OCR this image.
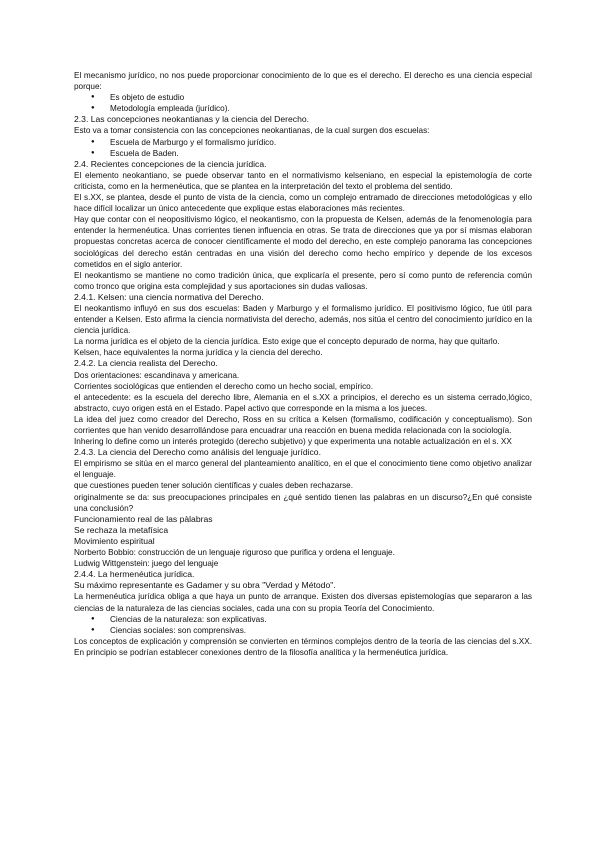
El mecanismo jurídico, no nos puede proporcionar conocimiento de lo que es el derecho. El derecho es una ciencia especial porque:

● Es objeto de estudio
● Metodología empleada (jurídico).

2.3. Las concepciones neokantianas y la ciencia del Derecho.

Esto va a tomar consistencia con las concepciones neokantianas, de la cual surgen dos escuelas:

● Escuela de Marburgo y el formalismo jurídico.
● Escuela de Baden.

2.4. Recientes concepciones de la ciencia jurídica.

El elemento neokantiano, se puede observar tanto en el normativismo kelseniano, en especial la epistemología de corte criticista, como en la hermenéutica, que se plantea en la interpretación del texto el problema del sentido.

El s.XX, se plantea, desde el punto de vista de la ciencia, como un complejo entramado de direcciones metodológicas y ello hace difícil localizar un único antecedente que explique estas elaboraciones más recientes.

Hay que contar con el neopositivismo lógico, el neokantismo, con la propuesta de Kelsen, además de la fenomenología para entender la hermenéutica. Unas corrientes tienen influencia en otras. Se trata de direcciones que ya por sí mismas elaboran propuestas concretas acerca de conocer científicamente el modo del derecho, en este complejo panorama las concepciones sociológicas del derecho están centradas en una visión del derecho como hecho empírico y depende de los excesos cometidos en el siglo anterior.

El neokantismo se mantiene no como tradición única, que explicaría el presente, pero sí como punto de referencia común como tronco que origina esta complejidad y sus aportaciones sin dudas valiosas.

2.4.1. Kelsen: una ciencia normativa del Derecho.

El neokantismo influyó en sus dos escuelas: Baden y Marburgo y el formalismo jurídico. El positivismo lógico, fue útil para entender a Kelsen. Esto afirma la ciencia normativista del derecho, además, nos sitúa el centro del conocimiento jurídico en la ciencia jurídica.

La norma jurídica es el objeto de la ciencia jurídica. Esto exige que el concepto depurado de norma, hay que quitarlo.

Kelsen, hace equivalentes la norma jurídica y la ciencia del derecho.

2.4.2. La ciencia realista del Derecho.

Dos orientaciones: escandinava y americana.

Corrientes sociológicas que entienden el derecho como un hecho social, empírico.

el antecedente: es la escuela del derecho libre, Alemania en el s.XX a principios, el derecho es un sistema cerrado,lógico, abstracto, cuyo origen está en el Estado. Papel activo que corresponde en la misma a los jueces.

La idea del juez como creador del Derecho, Ross en su crítica a Kelsen (formalismo, codificación y conceptualismo). Son corrientes que han venido desarrollándose para encuadrar una reacción en buena medida relacionada con la sociología.

Inhering lo define como un interés protegido (derecho subjetivo) y que experimenta una notable actualización en el s. XX

2.4.3. La ciencia del Derecho como análisis del lenguaje jurídico.

El empirismo se sitúa en el marco general del planteamiento analítico, en el que el conocimiento tiene como objetivo analizar el lenguaje.

que cuestiones pueden tener solución científicas y cuales deben rechazarse.

originalmente se da: sus preocupaciones principales en ¿qué sentido tienen las palabras en un discurso?¿En qué consiste una conclusión?

Funcionamiento real de las pàlabras

Se rechaza la metafísica

Movimiento espiritual

Norberto Bobbio: construcción de un lenguaje riguroso que purifica y ordena el lenguaje.

Ludwig Wittgenstein: juego del lenguaje

2.4.4. La hermenéutica jurídica.

Su máximo representante es Gadamer y su obra "Verdad y Método".

La hermenéutica jurídica obliga a que haya un punto de arranque. Existen dos diversas epistemologías que separaron a las ciencias de la naturaleza de las ciencias sociales, cada una con su propia Teoría del Conocimiento.

● Ciencias de la naturaleza: son explicativas.
● Ciencias sociales: son comprensivas.

Los conceptos de explicación y comprensión se convierten en términos complejos dentro de la teoría de las ciencias del s.XX. En principio se podrían establecer conexiones dentro de la filosofía analítica y la hermenéutica jurídica.
